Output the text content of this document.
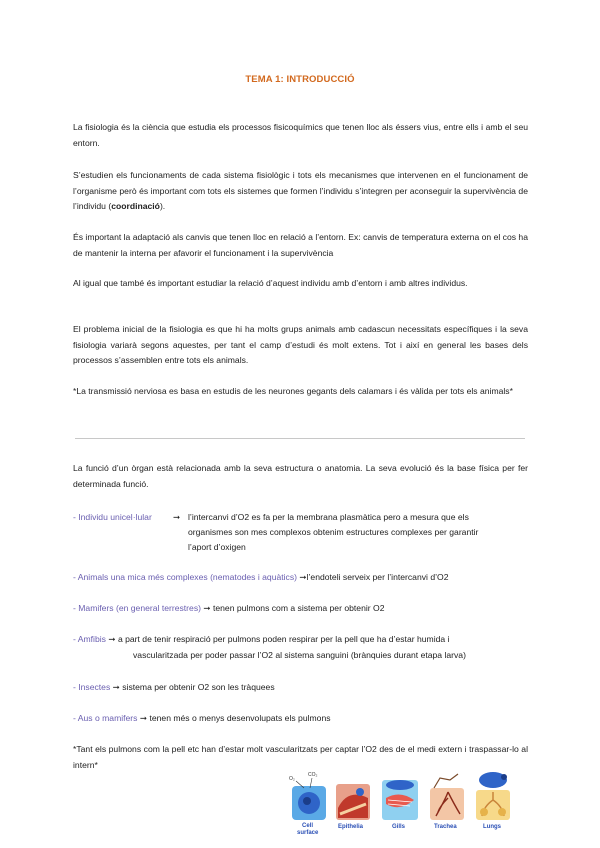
TEMA 1: INTRODUCCIÓ
La fisiologia és la ciència que estudia els processos fisicoquímics que tenen lloc als éssers vius, entre ells i amb el seu entorn.
S’estudien els funcionaments de cada sistema fisiològic i tots els mecanismes que intervenen en el funcionament de l’organisme però és important com tots els sistemes que formen l’individu s’integren per aconseguir la supervivència de l’individu (coordinació).
És important la adaptació als canvis que tenen lloc en relació a l’entorn. Ex: canvis de temperatura externa on el cos ha de mantenir la interna per afavorir el funcionament i la supervivència
Al igual que també és important estudiar la relació d’aquest individu amb d’entorn i amb altres individus.
El problema inicial de la fisiologia es que hi ha molts grups animals amb cadascun necessitats específiques i la seva fisiologia variarà segons aquestes, per tant el camp d’estudi és molt extens. Tot i així en general les bases dels processos s’assemblen entre tots els animals.
*La transmissió nerviosa es basa en estudis de les neurones gegants dels calamars i és vàlida per tots els animals*
La funció d’un òrgan està relacionada amb la seva estructura o anatomia. La seva evolució és la base física per fer determinada funció.
- Individu unicel·lular ➞ l’intercanvi d’O2 es fa per la membrana plasmàtica pero a mesura que els
organismes son mes complexos obtenim estructures complexes per garantir
l’aport d’oxigen
- Animals una mica més complexes (nematodes i aquàtics) ➞l’endoteli serveix per l’intercanvi d’O2
- Mamifers (en general terrestres) ➞ tenen pulmons com a sistema per obtenir O2
- Amfibis ➞ a part de tenir respiració per pulmons poden respirar per la pell que ha d’estar humida i
vascularitzada per poder passar l’O2 al sistema sanguini (brànquies durant etapa larva)
- Insectes ➞ sistema per obtenir O2 son les tràquees
- Aus o mamifers ➞ tenen més o menys desenvolupats els pulmons
*Tant els pulmons com la pell etc han d’estar molt vascularitzats per captar l’O2 des de el medi extern i traspassar-lo al intern*
O₂
CO₂
Cell
surface
Epithelia	Gills	Trachea	Lungs
